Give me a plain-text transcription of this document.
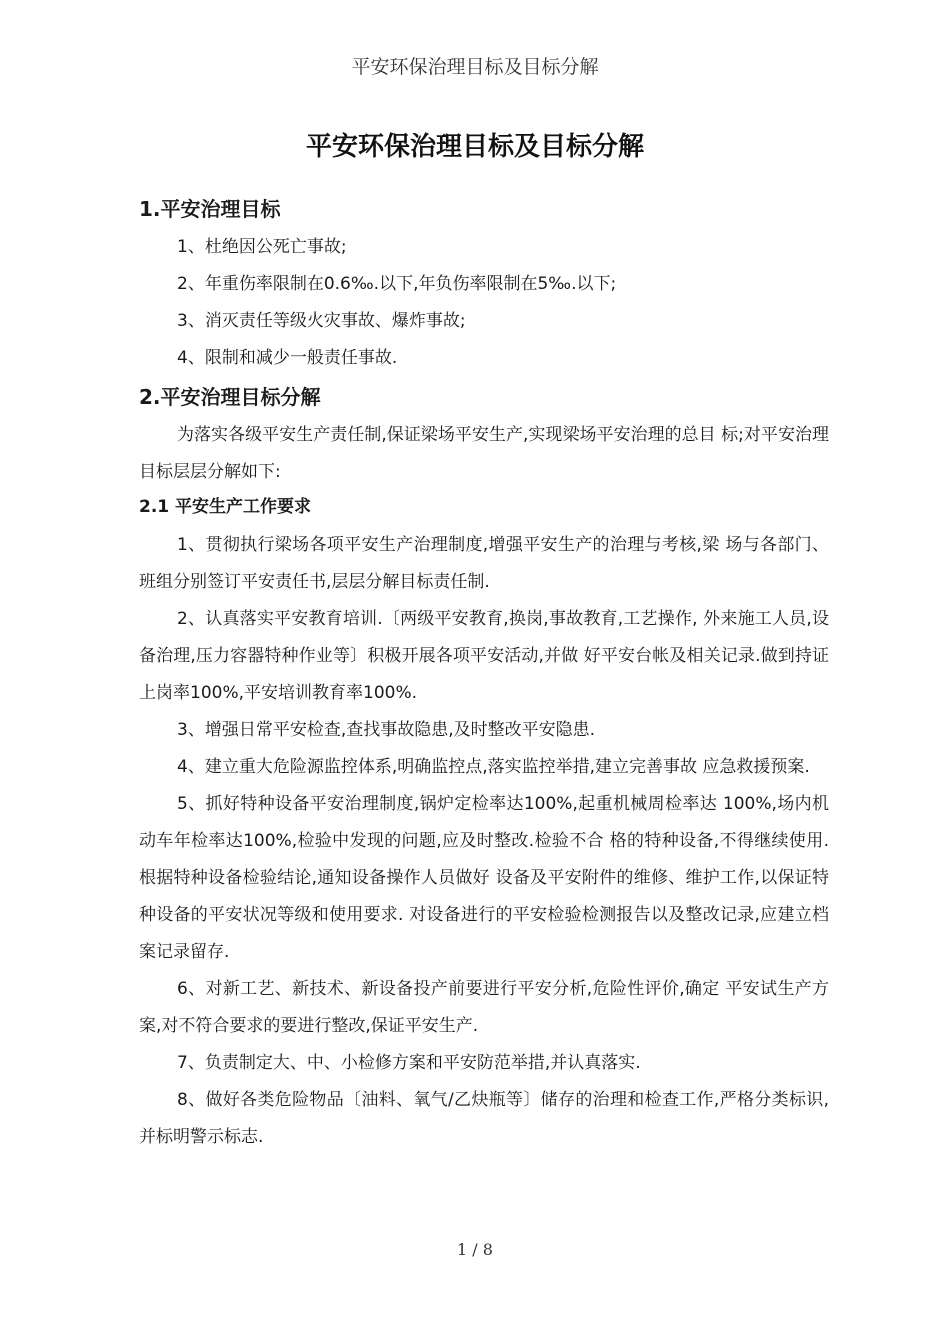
平安环保治理目标及目标分解
平安环保治理目标及目标分解

1.平安治理目标

1、杜绝因公死亡事故;

2、年重伤率限制在0.6‰.以下,年负伤率限制在5‰.以下;

3、消灭责任等级火灾事故、爆炸事故;

4、限制和减少一般责任事故.

2.平安治理目标分解

为落实各级平安生产责任制,保证梁场平安生产,实现梁场平安治理的总目 标;对平安治理目标层层分解如下:

2.1 平安生产工作要求

1、贯彻执行梁场各项平安生产治理制度,增强平安生产的治理与考核,梁 场与各部门、班组分别签订平安责任书,层层分解目标责任制.

2、认真落实平安教育培训.〔两级平安教育,换岗,事故教育,工艺操作, 外来施工人员,设备治理,压力容器特种作业等〕积极开展各项平安活动,并做 好平安台帐及相关记录.做到持证上岗率100%,平安培训教育率100%.

3、增强日常平安检查,查找事故隐患,及时整改平安隐患.

4、建立重大危险源监控体系,明确监控点,落实监控举措,建立完善事故 应急救援预案.

5、抓好特种设备平安治理制度,锅炉定检率达100%,起重机械周检率达 100%,场内机动车年检率达100%,检验中发现的问题,应及时整改.检验不合 格的特种设备,不得继续使用.根据特种设备检验结论,通知设备操作人员做好 设备及平安附件的维修、维护工作,以保证特种设备的平安状况等级和使用要求. 对设备进行的平安检验检测报告以及整改记录,应建立档案记录留存.

6、对新工艺、新技术、新设备投产前要进行平安分析,危险性评价,确定 平安试生产方案,对不符合要求的要进行整改,保证平安生产.

7、负责制定大、中、小检修方案和平安防范举措,并认真落实.

8、做好各类危险物品〔油料、氧气/乙炔瓶等〕储存的治理和检查工作,严格分类标识,并标明警示标志.

1 / 8
